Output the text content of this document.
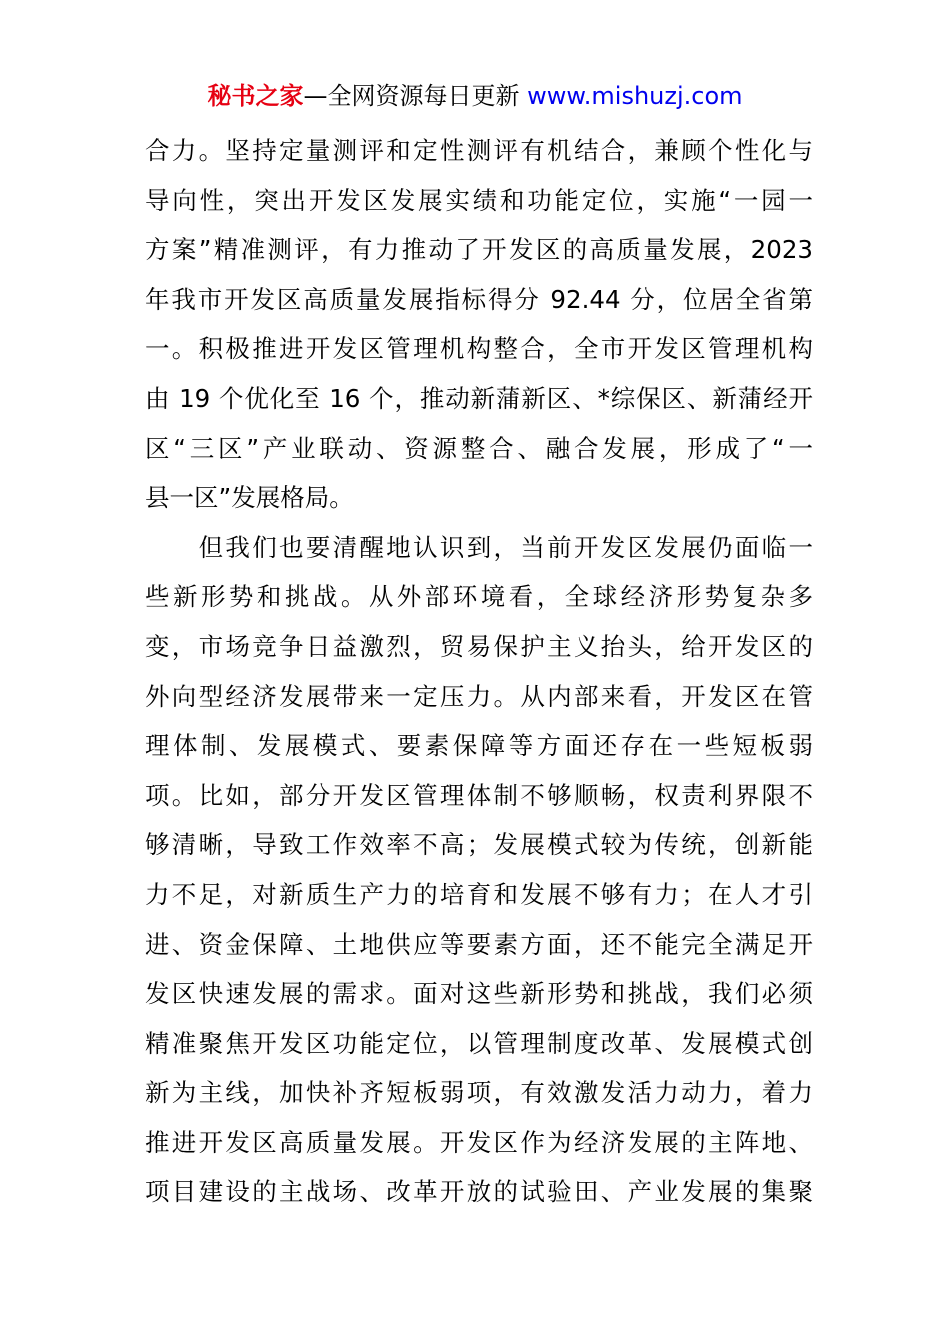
秘书之家—全网资源每日更新 www.mishuzj.com
合力。坚持定量测评和定性测评有机结合，兼顾个性化与
导向性，突出开发区发展实绩和功能定位，实施“一园一
方案”精准测评，有力推动了开发区的高质量发展，2023
年我市开发区高质量发展指标得分 92.44 分，位居全省第
一。积极推进开发区管理机构整合，全市开发区管理机构
由 19 个优化至 16 个，推动新蒲新区、*综保区、新蒲经开
区“三区”产业联动、资源整合、融合发展，形成了“一
县一区”发展格局。
　　但我们也要清醒地认识到，当前开发区发展仍面临一
些新形势和挑战。从外部环境看，全球经济形势复杂多
变，市场竞争日益激烈，贸易保护主义抬头，给开发区的
外向型经济发展带来一定压力。从内部来看，开发区在管
理体制、发展模式、要素保障等方面还存在一些短板弱
项。比如，部分开发区管理体制不够顺畅，权责利界限不
够清晰，导致工作效率不高；发展模式较为传统，创新能
力不足，对新质生产力的培育和发展不够有力；在人才引
进、资金保障、土地供应等要素方面，还不能完全满足开
发区快速发展的需求。面对这些新形势和挑战，我们必须
精准聚焦开发区功能定位，以管理制度改革、发展模式创
新为主线，加快补齐短板弱项，有效激发活力动力，着力
推进开发区高质量发展。开发区作为经济发展的主阵地、
项目建设的主战场、改革开放的试验田、产业发展的集聚
